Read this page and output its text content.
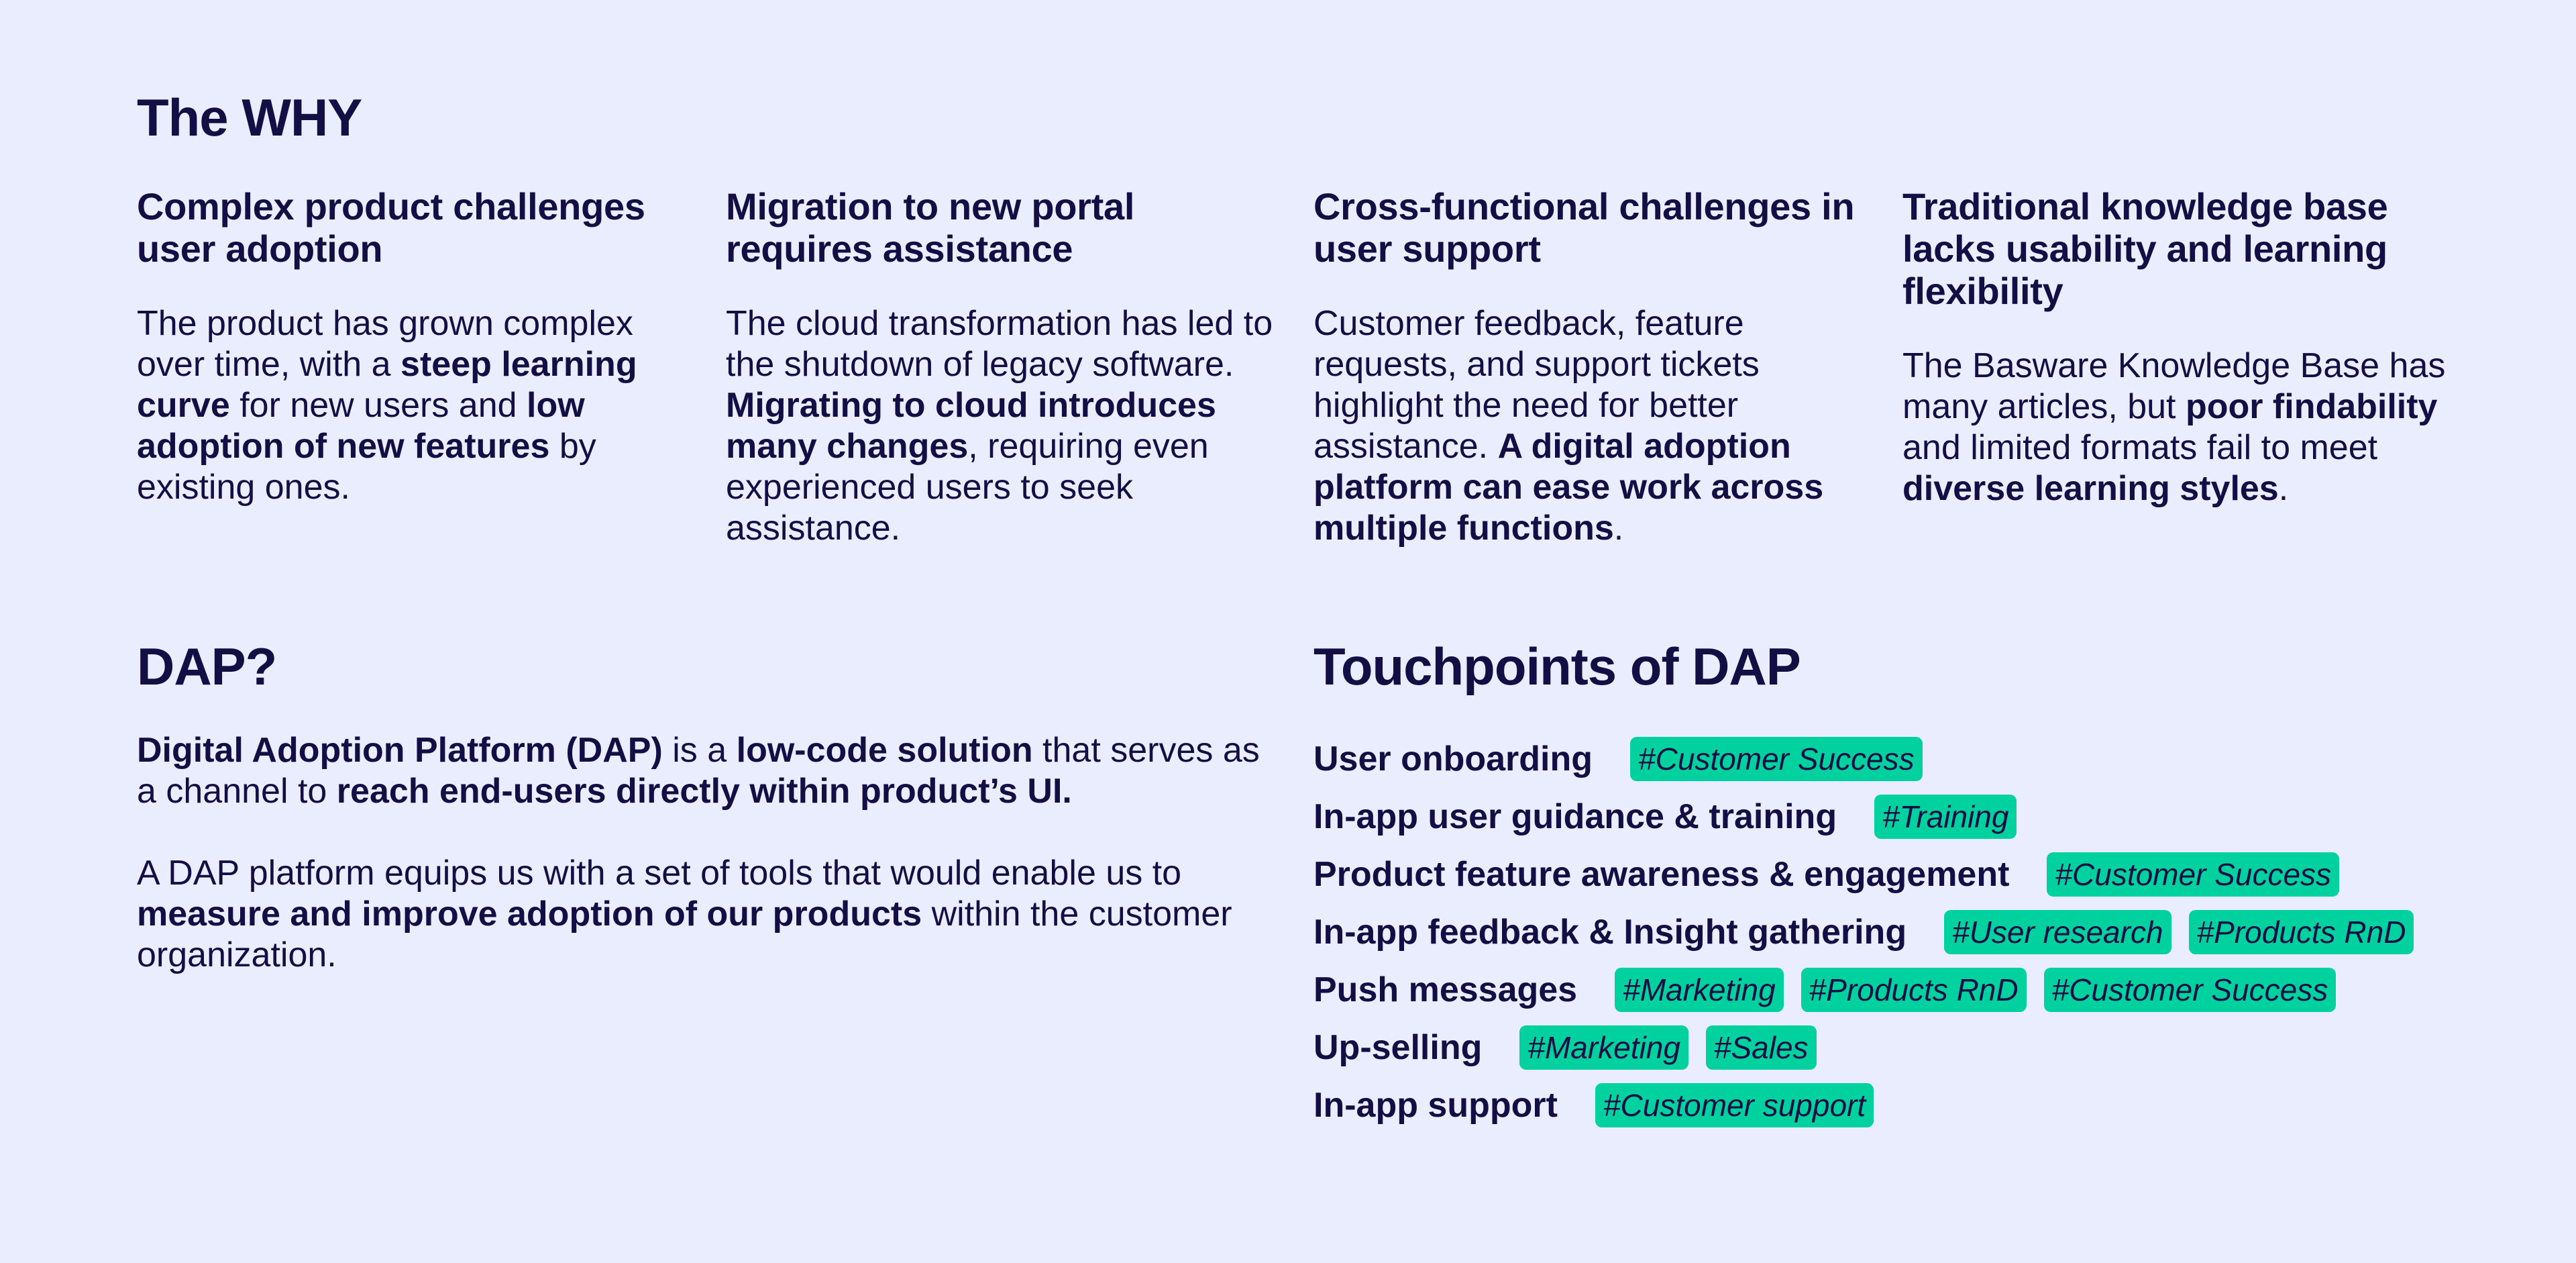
The WHY
Complex product challenges user adoption

The product has grown complex over time, with a steep learning curve for new users and low adoption of new features by existing ones.

Migration to new portal requires assistance

The cloud transformation has led to the shutdown of legacy software. Migrating to cloud introduces many changes, requiring even experienced users to seek assistance.

Cross-functional challenges in user support

Customer feedback, feature requests, and support tickets highlight the need for better assistance. A digital adoption platform can ease work across multiple functions.

Traditional knowledge base lacks usability and learning flexibility

The Basware Knowledge Base has many articles, but poor findability and limited formats fail to meet diverse learning styles.

DAP?

Digital Adoption Platform (DAP) is a low-code solution that serves as a channel to reach end-users directly within product’s UI.

A DAP platform equips us with a set of tools that would enable us to measure and improve adoption of our products within the customer organization.

Touchpoints of DAP
User onboarding #Customer Success
In-app user guidance & training #Training
Product feature awareness & engagement #Customer Success
In-app feedback & Insight gathering #User research #Products RnD
Push messages #Marketing #Products RnD #Customer Success
Up-selling #Marketing #Sales
In-app support #Customer support
